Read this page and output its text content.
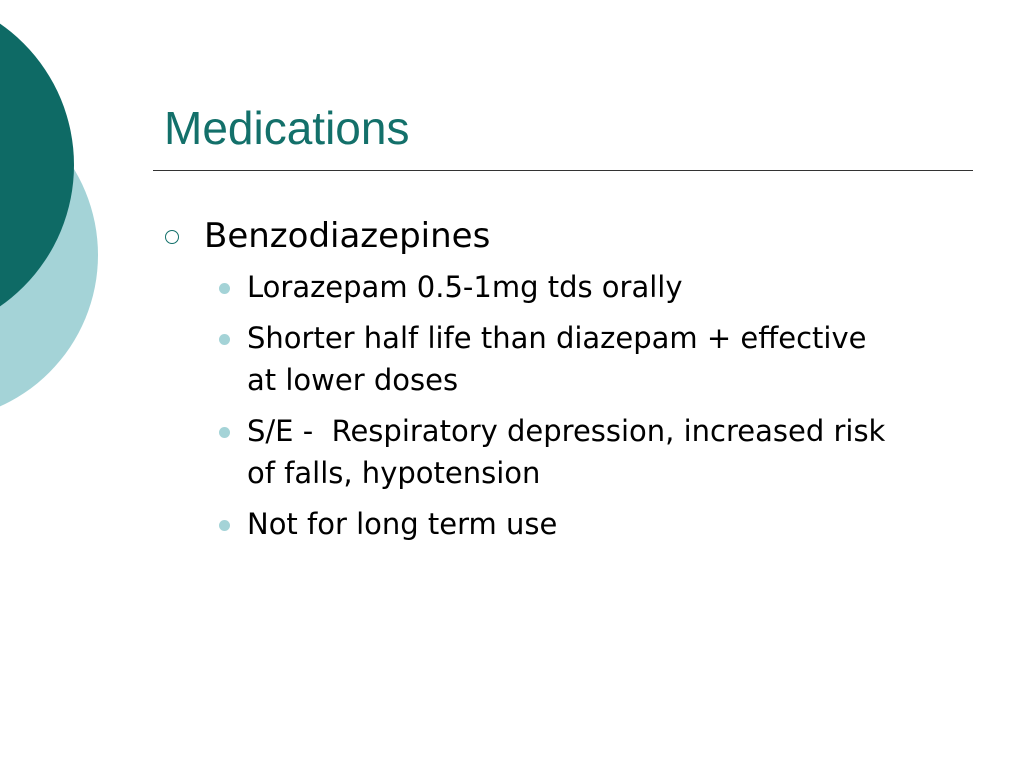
Medications
Benzodiazepines
Lorazepam 0.5-1mg tds orally
Shorter half life than diazepam + effective at lower doses
S/E -  Respiratory depression, increased risk of falls, hypotension
Not for long term use
